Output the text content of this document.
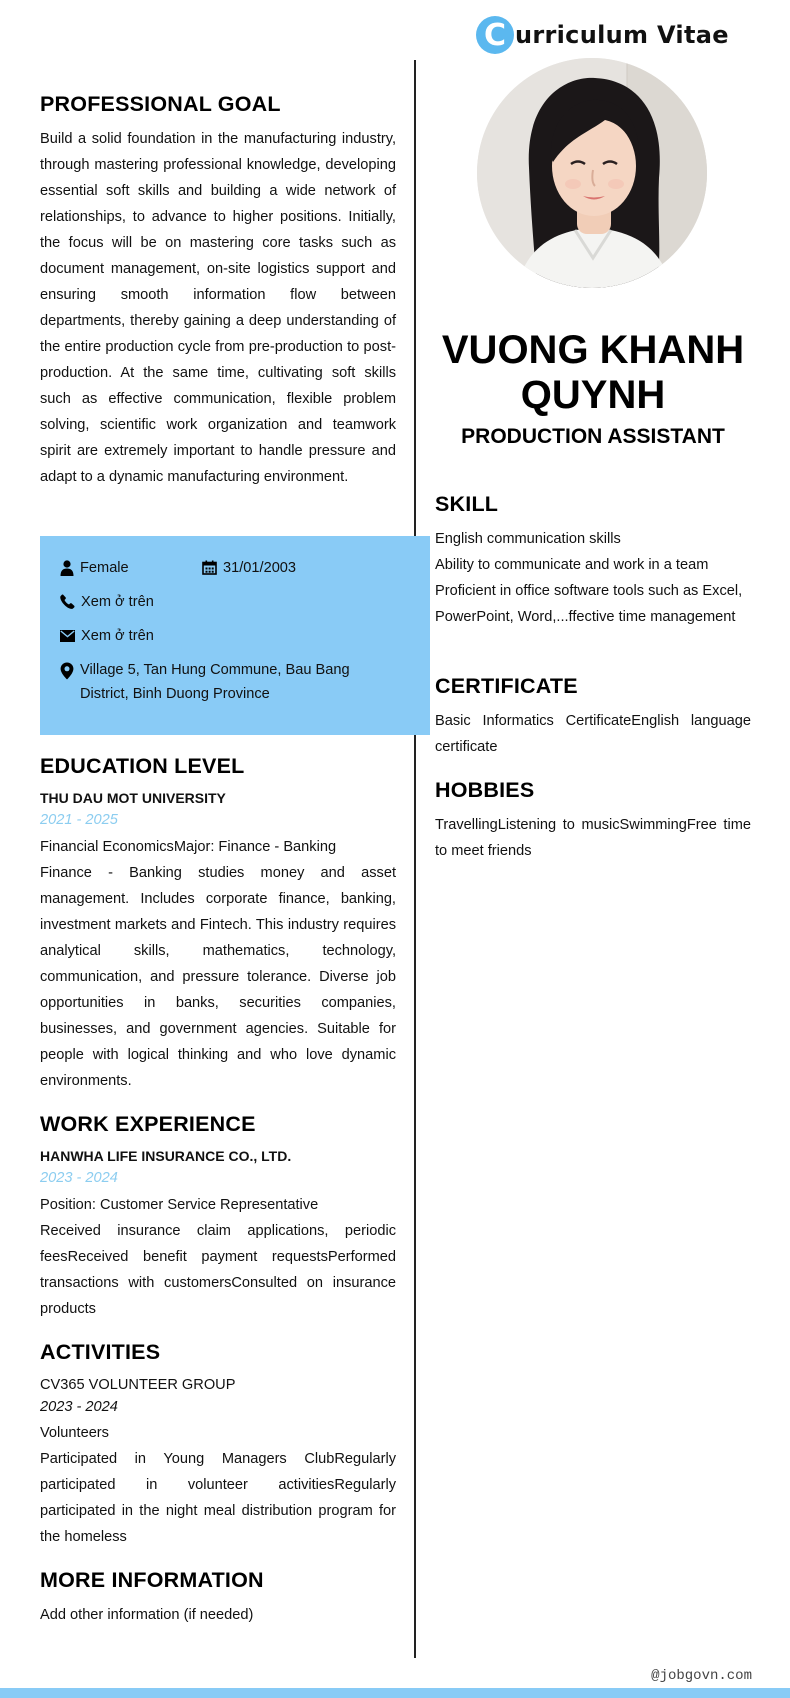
C urriculum Vitae
VUONG KHANH QUYNH
PRODUCTION ASSISTANT
PROFESSIONAL GOAL
Build a solid foundation in the manufacturing industry, through mastering professional knowledge, developing essential soft skills and building a wide network of relationships, to advance to higher positions. Initially, the focus will be on mastering core tasks such as document management, on-site logistics support and ensuring smooth information flow between departments, thereby gaining a deep understanding of the entire production cycle from pre-production to post-production. At the same time, cultivating soft skills such as effective communication, flexible problem solving, scientific work organization and teamwork spirit are extremely important to handle pressure and adapt to a dynamic manufacturing environment.
Female	31/01/2003
Xem ở trên
Xem ở trên
Village 5, Tan Hung Commune, Bau Bang District, Binh Duong Province
EDUCATION LEVEL
THU DAU MOT UNIVERSITY
2021 - 2025
Financial EconomicsMajor: Finance - Banking
Finance - Banking studies money and asset management. Includes corporate finance, banking, investment markets and Fintech. This industry requires analytical skills, mathematics, technology, communication, and pressure tolerance. Diverse job opportunities in banks, securities companies, businesses, and government agencies. Suitable for people with logical thinking and who love dynamic environments.
WORK EXPERIENCE
HANWHA LIFE INSURANCE CO., LTD.
2023 - 2024
Position: Customer Service Representative
Received insurance claim applications, periodic feesReceived benefit payment requestsPerformed transactions with customersConsulted on insurance products
ACTIVITIES
CV365 VOLUNTEER GROUP
2023 - 2024
Volunteers
Participated in Young Managers ClubRegularly participated in volunteer activitiesRegularly participated in the night meal distribution program for the homeless
MORE INFORMATION
Add other information (if needed)
SKILL
English communication skills
Ability to communicate and work in a team
Proficient in office software tools such as Excel, PowerPoint, Word,...ffective time management
CERTIFICATE
Basic Informatics CertificateEnglish language certificate
HOBBIES
TravellingListening to musicSwimmingFree time to meet friends
@jobgovn.com
